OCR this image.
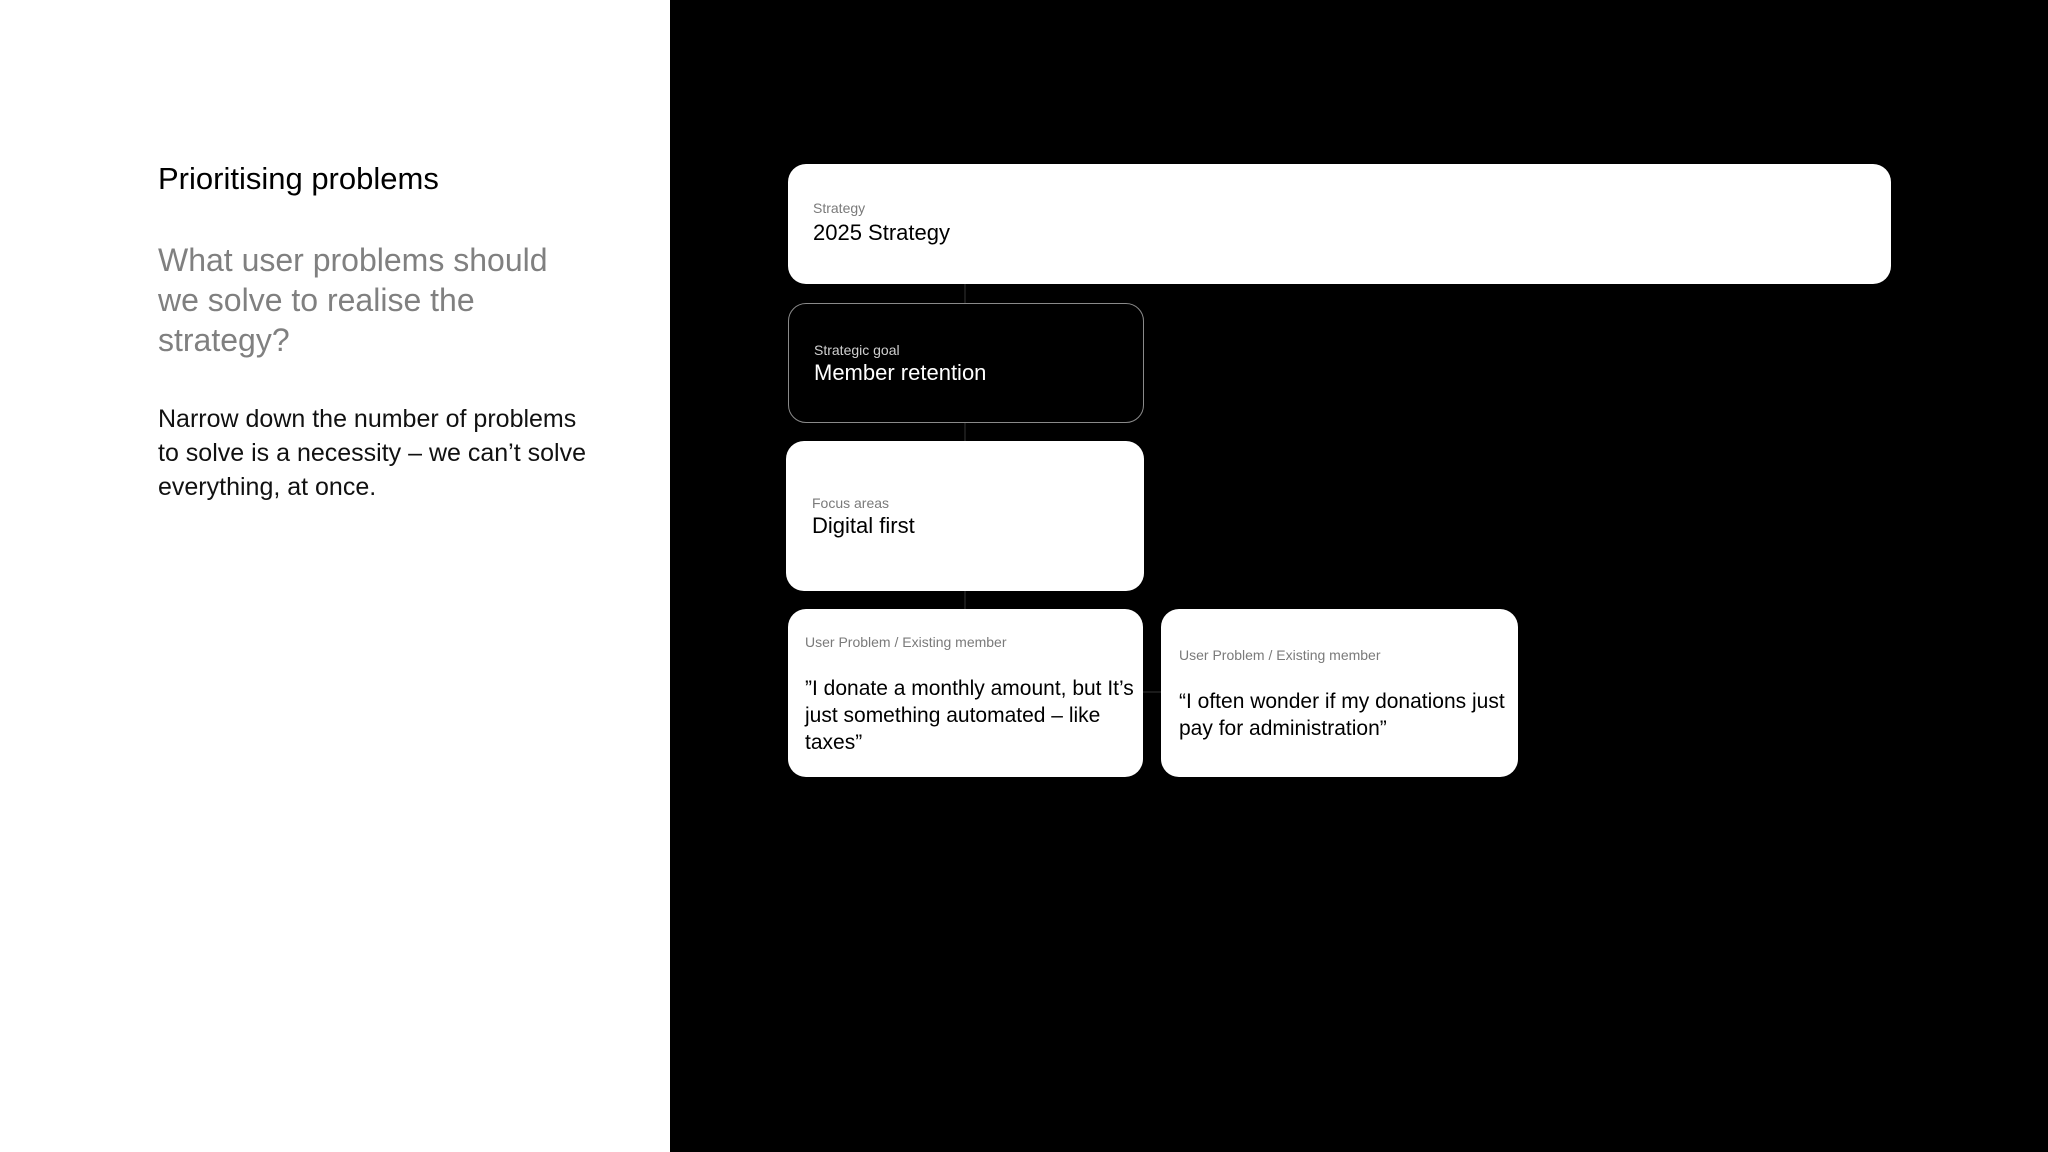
Prioritising problems

What user problems should we solve to realise the strategy?

Narrow down the number of problems to solve is a necessity – we can’t solve everything, at once.

Strategy
2025 Strategy
Strategic goal
Member retention
Focus areas
Digital first
User Problem / Existing member
”I donate a monthly amount, but It’s just something automated – like taxes”
User Problem / Existing member
“I often wonder if my donations just pay for administration”
